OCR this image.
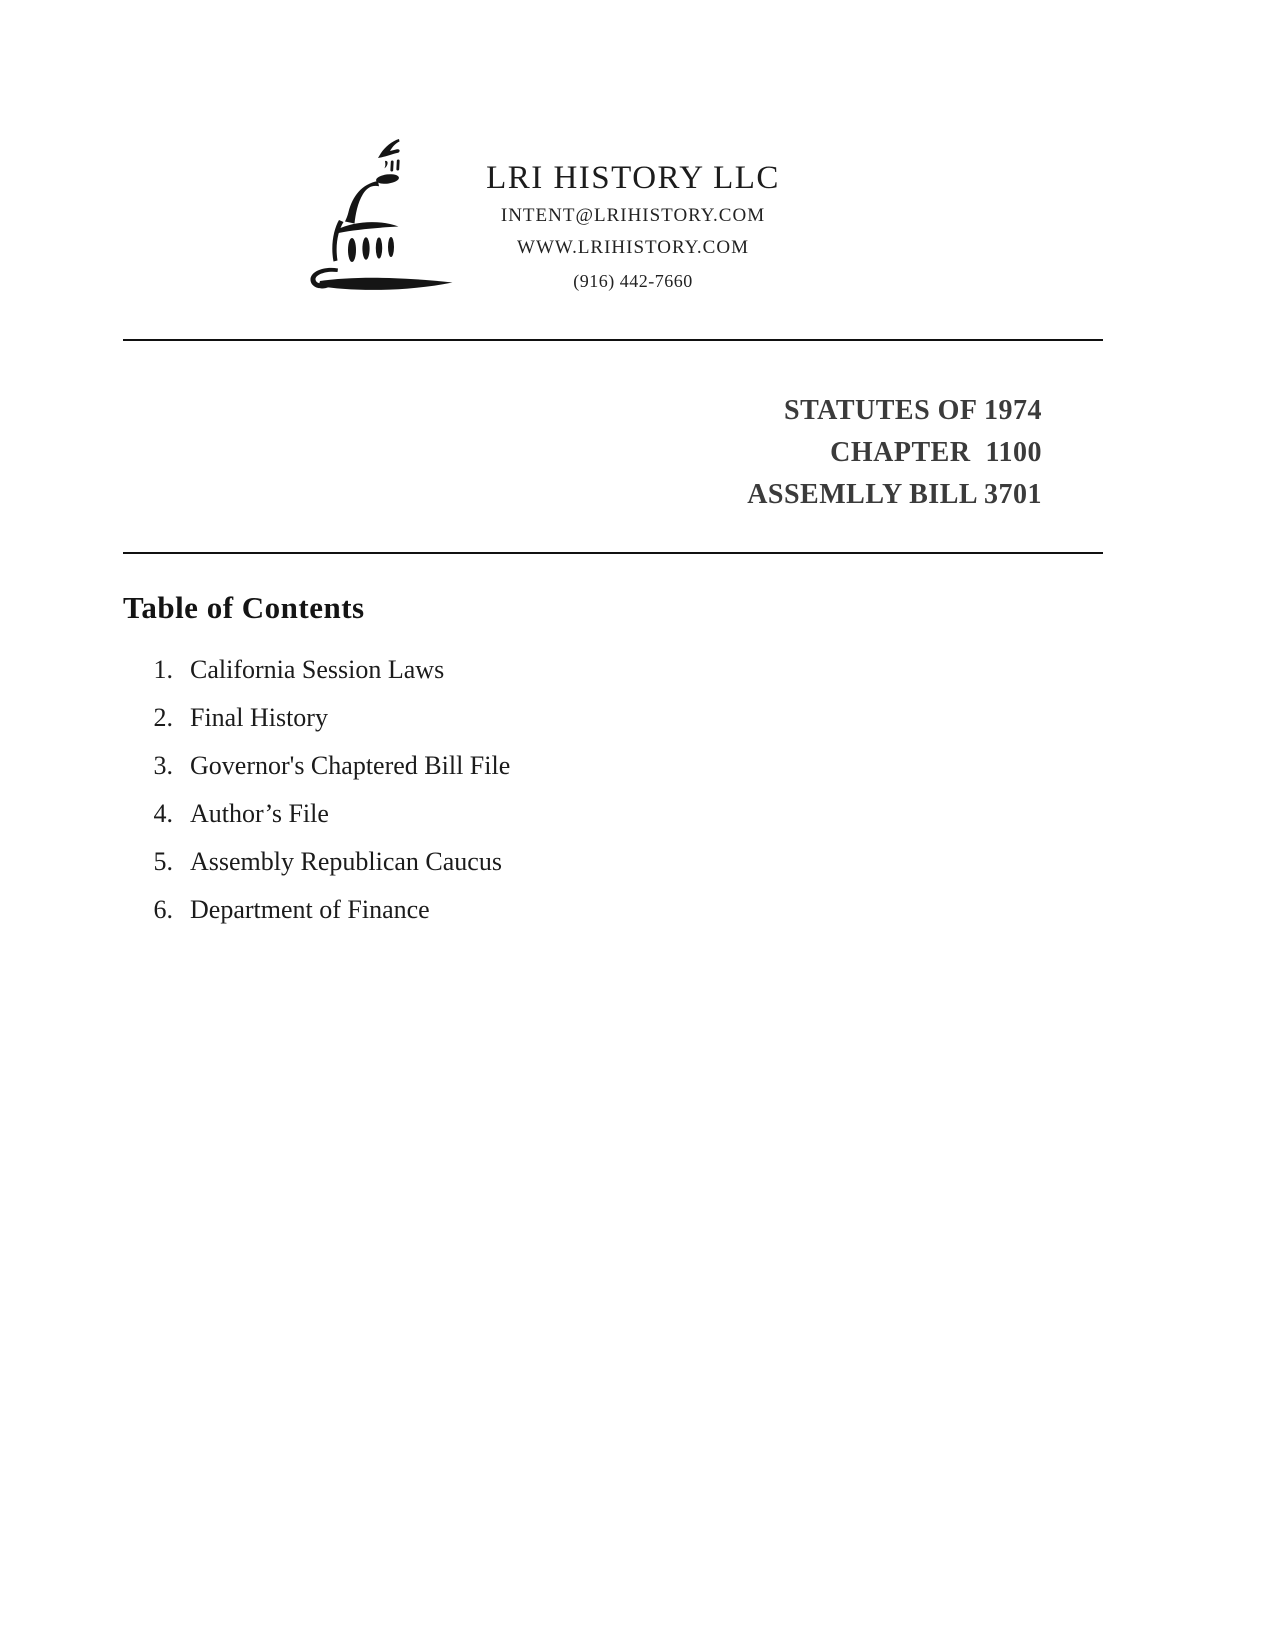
LRI HISTORY LLC
INTENT@LRIHISTORY.COM
WWW.LRIHISTORY.COM
(916) 442-7660
STATUTES OF 1974
CHAPTER  1100
ASSEMLLY BILL 3701
Table of Contents
1. California Session Laws
2. Final History
3. Governor's Chaptered Bill File
4. Author’s File
5. Assembly Republican Caucus
6. Department of Finance
